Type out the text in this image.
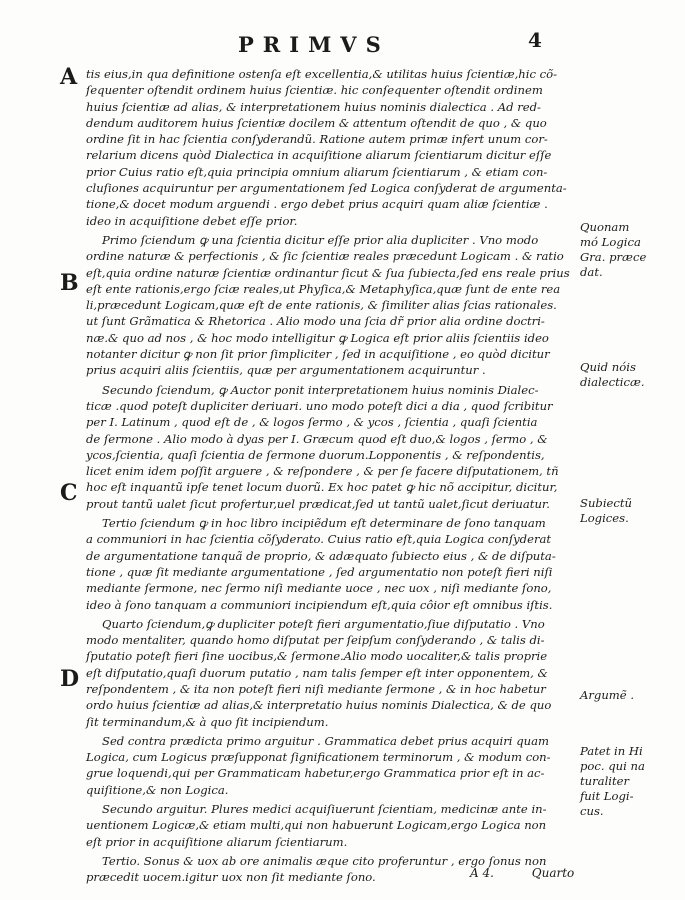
PRIMVS	4
A
B
C
D
Quonam
mó Logica
Gra. præce
dat.
Quid nóis
dialecticæ.
Subiectũ
Logices.
Argumẽ .
Patet in Hi
poc. qui na
turaliter
fuit Logi-
cus.
tis eius,in qua definitione ostenſa eſt excellentia,& utilitas huius ſcientiæ,hic cõ-
ſequenter oſtendit ordinem huius ſcientiæ. hic conſequenter oſtendit ordinem
huius ſcientiæ ad alias, & interpretationem huius nominis dialectica . Ad red-
dendum auditorem huius ſcientiæ docilem & attentum oſtendit de quo , & quo
ordine ſit in hac ſcientia conſyderandũ. Ratione autem primæ infert unum cor-
relarium dicens quòd Dialectica in acquiſitione aliarum ſcientiarum dicitur eſſe
prior Cuius ratio eſt,quia principia omnium aliarum ſcientiarum , & etiam con-
cluſiones acquiruntur per argumentationem ſed Logica conſyderat de argumenta-
tione,& docet modum arguendi . ergo debet prius acquiri quam aliæ ſcientiæ .
ideo in acquiſitione debet eſſe prior.
Primo ſciendum ꝙ una ſcientia dicitur eſſe prior alia dupliciter . Vno modo
ordine naturæ & perfectionis , & ſic ſcientiæ reales præcedunt Logicam . & ratio
eſt,quia ordine naturæ ſcientiæ ordinantur ſicut & ſua ſubiecta,ſed ens reale prius
eſt ente rationis,ergo ſciæ reales,ut Phyſica,& Metaphyſica,quæ ſunt de ente rea
li,præcedunt Logicam,quæ eſt de ente rationis, & ſimiliter alias ſcias rationales.
ut ſunt Grãmatica & Rhetorica . Alio modo una ſcia dr̃ prior alia ordine doctri-
næ.& quo ad nos , & hoc modo intelligitur ꝙ Logica eſt prior aliis ſcientiis ideo
notanter dicitur ꝙ non ſit prior ſimpliciter , ſed in acquiſitione , eo quòd dicitur
prius acquiri aliis ſcientiis, quæ per argumentationem acquiruntur .
Secundo ſciendum, ꝙ Auctor ponit interpretationem huius nominis Dialec-
ticæ .quod poteſt dupliciter deriuari. uno modo poteſt dici a dia , quod ſcribitur
per I. Latinum , quod eſt de , & logos ſermo , & ycos , ſcientia , quaſi ſcientia
de ſermone . Alio modo à dyas per I. Græcum quod eſt duo,& logos , ſermo , &
ycos,ſcientia, quaſi ſcientia de ſermone duorum.Lopponentis , & reſpondentis,
licet enim idem poſſit arguere , & reſpondere , & per ſe facere diſputationem, tñ
hoc eſt inquantũ ipſe tenet locum duorũ. Ex hoc patet ꝙ hic nõ accipitur, dicitur,
prout tantũ ualet ſicut profertur,uel prædicat,ſed ut tantũ ualet,ſicut deriuatur.
Tertio ſciendum ꝙ in hoc libro incipiẽdum eſt determinare de ſono tanquam
a communiori in hac ſcientia cõſyderato. Cuius ratio eſt,quia Logica conſyderat
de argumentatione tanquã de proprio, & adæquato ſubiecto eius , & de diſputa-
tione , quæ ſit mediante argumentatione , ſed argumentatio non poteſt fieri niſi
mediante ſermone, nec ſermo niſi mediante uoce , nec uox , niſi mediante ſono,
ideo à ſono tanquam a communiori incipiendum eſt,quia côior eſt omnibus iſtis.
Quarto ſciendum,ꝙ dupliciter poteſt fieri argumentatio,ſiue diſputatio . Vno
modo mentaliter, quando homo diſputat per ſeipſum conſyderando , & talis di-
ſputatio poteſt fieri ſine uocibus,& ſermone.Alio modo uocaliter,& talis proprie
eſt diſputatio,quaſi duorum putatio , nam talis ſemper eſt inter opponentem, &
reſpondentem , & ita non poteſt fieri niſi mediante ſermone , & in hoc habetur
ordo huius ſcientiæ ad alias,& interpretatio huius nominis Dialectica, & de quo
ſit terminandum,& à quo ſit incipiendum.
Sed contra prædicta primo arguitur . Grammatica debet prius acquiri quam
Logica, cum Logicus præſupponat ſignificationem terminorum , & modum con-
grue loquendi,qui per Grammaticam habetur,ergo Grammatica prior eſt in ac-
quiſitione,& non Logica.
Secundo arguitur. Plures medici acquiſiuerunt ſcientiam, medicinæ ante in-
uentionem Logicæ,& etiam multi,qui non habuerunt Logicam,ergo Logica non
eſt prior in acquiſitione aliarum ſcientiarum.
Tertio. Sonus & uox ab ore animalis æque cito proferuntur , ergo ſonus non
præcedit uocem.igitur uox non ſit mediante ſono.	A 4.	Quarto
